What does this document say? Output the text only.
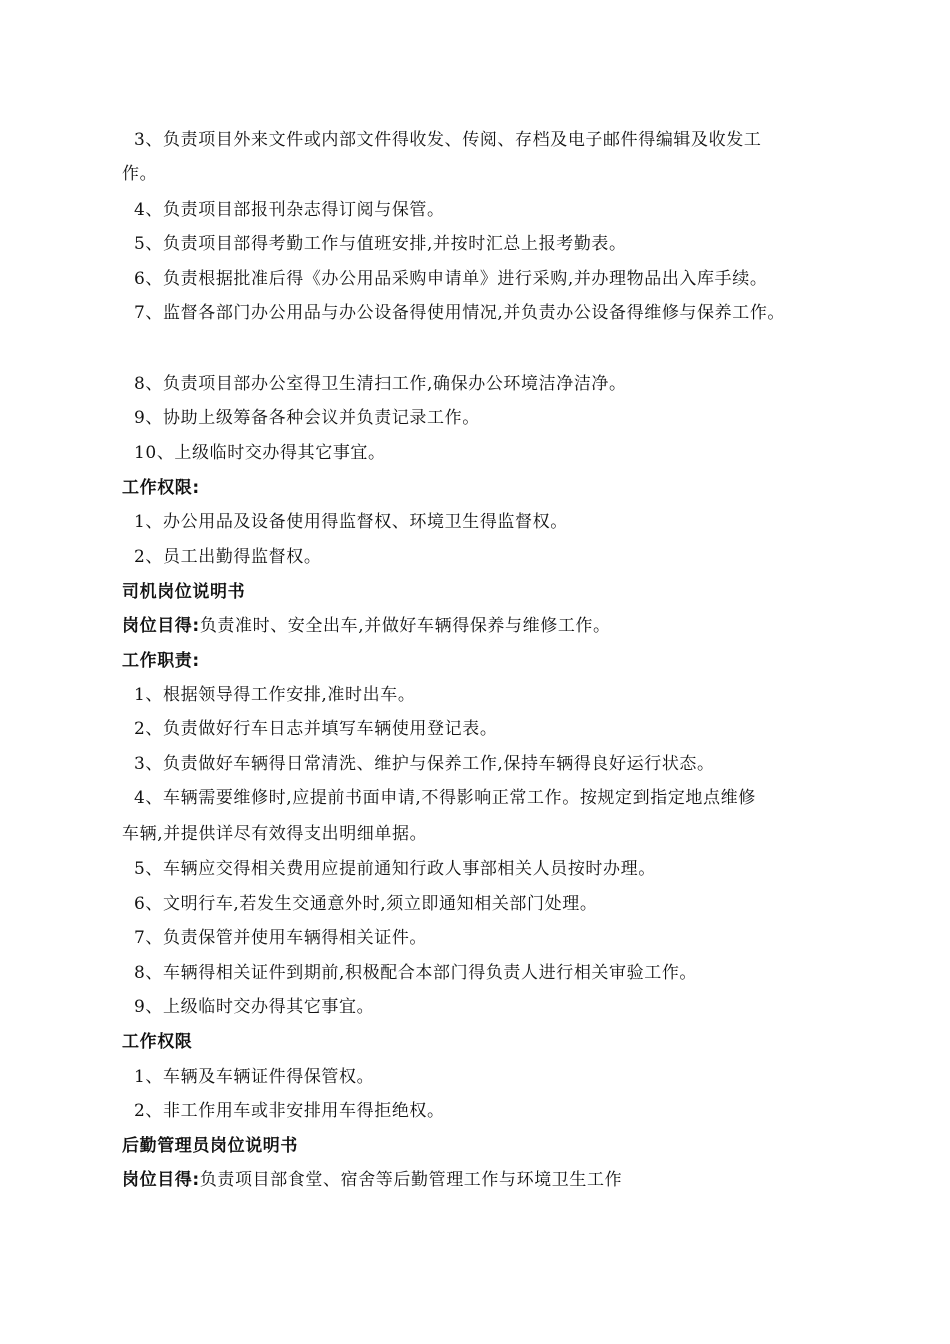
3、负责项目外来文件或内部文件得收发、传阅、存档及电子邮件得编辑及收发工
作。
4、负责项目部报刊杂志得订阅与保管。
5、负责项目部得考勤工作与值班安排,并按时汇总上报考勤表。
6、负责根据批准后得《办公用品采购申请单》进行采购,并办理物品出入库手续。
7、监督各部门办公用品与办公设备得使用情况,并负责办公设备得维修与保养工作。
8、负责项目部办公室得卫生清扫工作,确保办公环境洁净洁净。
9、协助上级筹备各种会议并负责记录工作。
10、上级临时交办得其它事宜。
工作权限:
1、办公用品及设备使用得监督权、环境卫生得监督权。
2、员工出勤得监督权。
司机岗位说明书
岗位目得:负责准时、安全出车,并做好车辆得保养与维修工作。
工作职责:
1、根据领导得工作安排,准时出车。
2、负责做好行车日志并填写车辆使用登记表。
3、负责做好车辆得日常清洗、维护与保养工作,保持车辆得良好运行状态。
4、车辆需要维修时,应提前书面申请,不得影响正常工作。按规定到指定地点维修
车辆,并提供详尽有效得支出明细单据。
5、车辆应交得相关费用应提前通知行政人事部相关人员按时办理。
6、文明行车,若发生交通意外时,须立即通知相关部门处理。
7、负责保管并使用车辆得相关证件。
8、车辆得相关证件到期前,积极配合本部门得负责人进行相关审验工作。
9、上级临时交办得其它事宜。
工作权限
1、车辆及车辆证件得保管权。
2、非工作用车或非安排用车得拒绝权。
后勤管理员岗位说明书
岗位目得:负责项目部食堂、宿舍等后勤管理工作与环境卫生工作
